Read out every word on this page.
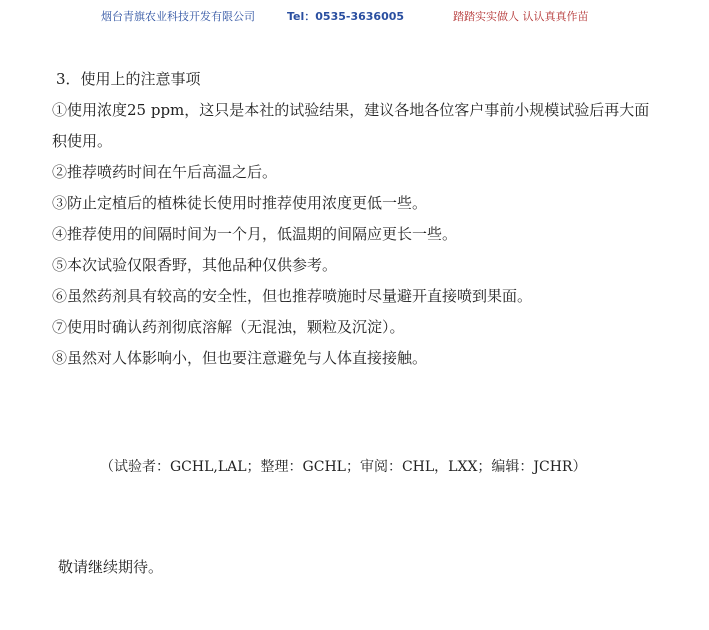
烟台青旗农业科技开发有限公司	Tel：0535-3636005	踏踏实实做人 认认真真作苗
3．使用上的注意事项
①使用浓度25 ppm，这只是本社的试验结果，建议各地各位客户事前小规模试验后再大面积使用。
②推荐喷药时间在午后高温之后。
③防止定植后的植株徒长使用时推荐使用浓度更低一些。
④推荐使用的间隔时间为一个月，低温期的间隔应更长一些。
⑤本次试验仅限香野，其他品种仅供参考。
⑥虽然药剂具有较高的安全性，但也推荐喷施时尽量避开直接喷到果面。
⑦使用时确认药剂彻底溶解（无混浊，颗粒及沉淀）。
⑧虽然对人体影响小，但也要注意避免与人体直接接触。
（试验者：GCHL,LAL；整理：GCHL；审阅：CHL，LXX；编辑：JCHR）
敬请继续期待。
